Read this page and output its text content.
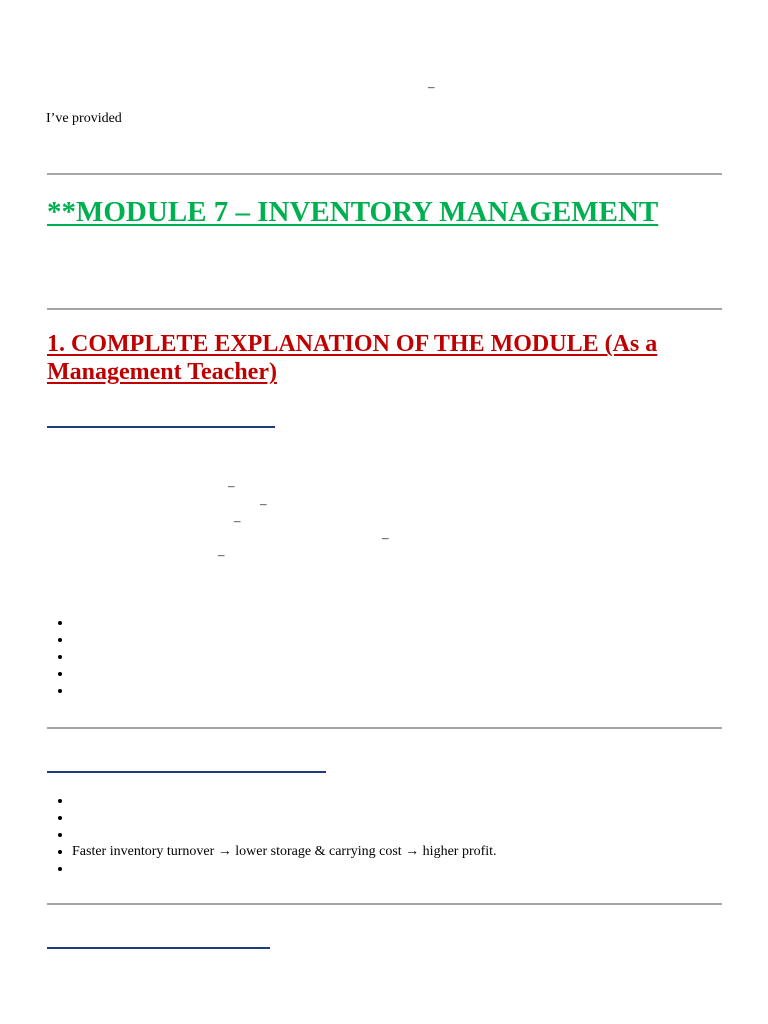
–
I’ve provided
**MODULE 7 – INVENTORY MANAGEMENT
1. COMPLETE EXPLANATION OF THE MODULE (As a Management Teacher)
–
–
–
–
–
•
•
•
• Faster inventory turnover → lower storage & carrying cost → higher profit.
•
